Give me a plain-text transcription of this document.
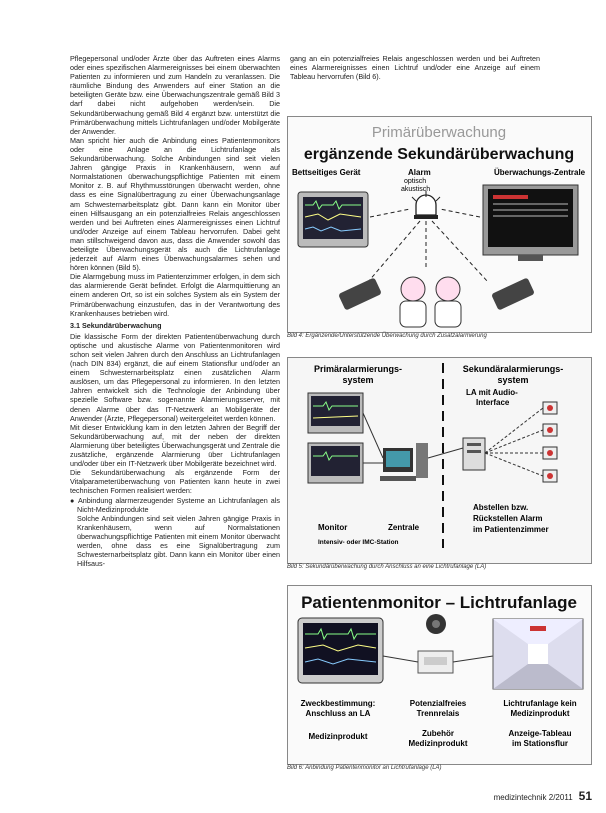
Pflegepersonal und/oder Ärzte über das Auftreten eines Alarms oder eines spezifischen Alarmereignisses bei einem überwachten Patienten zu informieren und zum Handeln zu veranlassen. Die räumliche Bindung des Anwenders auf einer Station an die beteiligten Geräte bzw. eine Überwachungszentrale gemäß Bild 3 darf dabei nicht aufgehoben werden/sein. Die Sekundärüberwachung gemäß Bild 4 ergänzt bzw. unterstützt die Primärüberwachung mittels Lichtrufanlagen und/oder Mobilgeräte der Anwender.

Man spricht hier auch die Anbindung eines Patientenmonitors oder eine Anlage an die Lichtrufanlage als Sekundärüberwachung. Solche Anbindungen sind seit vielen Jahren gängige Praxis in Krankenhäusern, wenn auf Normalstationen überwachungspflichtige Patienten mit einem Monitor z. B. auf Rhythmusstörungen überwacht werden, ohne dass es eine Signalübertragung zu einer Überwachungsanlage am Schwesternarbeitsplatz gibt. Dann kann ein Monitor über einen Hilfsausgang an ein potenzialfreies Relais angeschlossen werden und bei Auftreten eines Alarmereignisses einen Lichtruf und/oder Anzeige auf einem Tableau hervorrufen. Dabei geht man stillschweigend davon aus, dass die Anwender sowohl das beteiligte Überwachungsgerät als auch die Lichtrufanlage jederzeit auf Alarm eines Überwachungsalarmes sehen und hören können (Bild 5).

Die Alarmgebung muss im Patientenzimmer erfolgen, in dem sich das alarmierende Gerät befindet. Erfolgt die Alarmquittierung an einem anderen Ort, so ist ein solches System als ein System der Primärüberwachung einzustufen, das in der Verantwortung des Krankenhauses betrieben wird.

3.1 Sekundärüberwachung

Die klassische Form der direkten Patientenüberwachung durch optische und akustische Alarme von Patientenmonitoren wird schon seit vielen Jahren durch den Anschluss an Lichtrufanlagen (nach DIN 834) ergänzt, die auf einem Stationsflur und/oder an einem Schwesternarbeitsplatz einen zusätzlichen Alarm auslösen, um das Pflegepersonal zu informieren. In den letzten Jahren entwickelt sich die Technologie der Anbindung über spezielle Software bzw. sogenannte Alarmierungsserver, mit denen Alarme über das IT-Netzwerk an Mobilgeräte der Anwender (Ärzte, Pflegepersonal) weitergeleitet werden können.

Mit dieser Entwicklung kam in den letzten Jahren der Begriff der Sekundärüberwachung auf, mit der neben der direkten Alarmierung über beteiligtes Überwachungsgerät und Zentrale die zusätzliche, ergänzende Alarmierung über Lichtrufanlagen und/oder über ein IT-Netzwerk über Mobilgeräte bezeichnet wird.

Die Sekundärüberwachung als ergänzende Form der Vitalparameterüberwachung von Patienten kann heute in zwei technischen Formen realisiert werden:

● Anbindung alarmerzeugender Systeme an Lichtrufanlagen als Nicht-Medizinprodukte

Solche Anbindungen sind seit vielen Jahren gängige Praxis in Krankenhäusern, wenn auf Normalstationen überwachungspflichtige Patienten mit einem Monitor überwacht werden, ohne dass es eine Signalübertragung zum Schwesternarbeitsplatz gibt. Dann kann ein Monitor über einen Hilfsaus-

gang an ein potenzialfreies Relais angeschlossen werden und bei Auftreten eines Alarmereignisses einen Lichtruf und/oder eine Anzeige auf einem Tableau hervorrufen (Bild 6).

Primärüberwachung
ergänzende Sekundärüberwachung
Bettseitiges Gerät	Alarm
optisch
akustisch
Überwachungs-Zentrale
Bild 4: Ergänzende/Unterstützende Überwachung durch Zusatzalarmierung
Primäralarmierungs-
system
Sekundäralarmierungs-
system
LA mit Audio-
Interface
Monitor	Zentrale
Intensiv- oder IMC-Station
Abstellen bzw.
Rückstellen Alarm
im Patientenzimmer
Bild 5: Sekundärüberwachung durch Anschluss an eine Lichtrufanlage (LA)
Patientenmonitor – Lichtrufanlage
Zweckbestimmung:
Anschluss an LA
Potenzialfreies
Trennrelais
Lichtrufanlage kein
Medizinprodukt
Medizinprodukt	Zubehör
Medizinprodukt
Anzeige-Tableau
im Stationsflur
Bild 6: Anbindung Patientenmonitor an Lichtrufanlage (LA)
medizintechnik 2/2011 51
